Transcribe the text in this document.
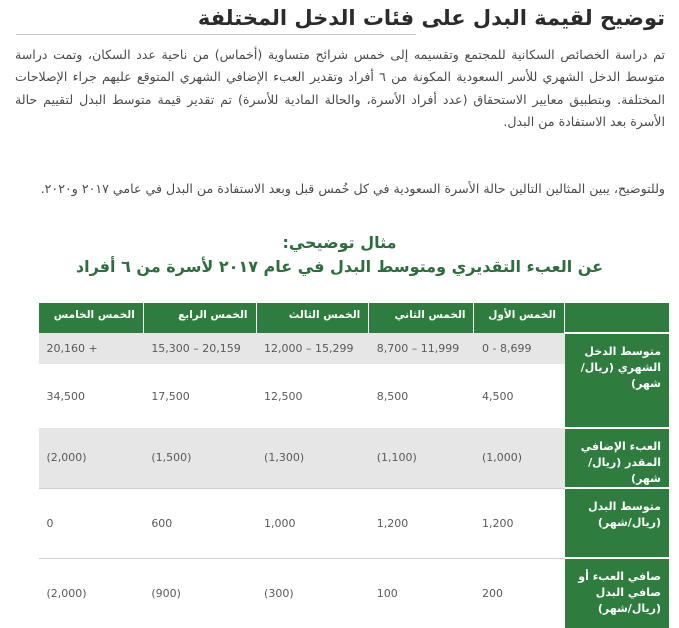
توضيح لقيمة البدل على فئات الدخل المختلفة
تم دراسة الخصائص السكانية للمجتمع وتقسيمه إلى خمس شرائح متساوية (أخماس) من ناحية عدد السكان، وتمت دراسة متوسط الدخل الشهري للأسر السعودية المكونة من ٦ أفراد وتقدير العبء الإضافي الشهري المتوقع عليهم جراء الإصلاحات المختلفة. وبتطبيق معايير الاستحقاق (عدد أفراد الأسرة، والحالة المادية للأسرة) تم تقدير قيمة متوسط البدل لتقييم حالة الأسرة بعد الاستفادة من البدل.
وللتوضيح، يبين المثالين التالين حالة الأسرة السعودية في كل خُمس قبل وبعد الاستفادة من البدل في عامي ٢٠١٧ و٢٠٢٠.
مثال توضيحي:
عن العبء التقديري ومتوسط البدل في عام ٢٠١٧ لأسرة من ٦ أفراد
	الخمس الأول	الخمس الثاني	الخمس الثالث	الخمس الرابع	الخمس الخامس
متوسط الدخل الشهري (ريال/ شهر)	0 - 8,699	8,700 – 11,999	12,000 – 15,299	15,300 – 20,159	20,160 +
	4,500	8,500	12,500	17,500	34,500
العبء الإضافي المقدر (ريال/شهر)	(1,000)	(1,100)	(1,300)	(1,500)	(2,000)
متوسط البدل (ريال/شهر)	1,200	1,200	1,000	600	0
صافي العبء أو صافي البدل (ريال/شهر)	200	100	(300)	(900)	(2,000)
